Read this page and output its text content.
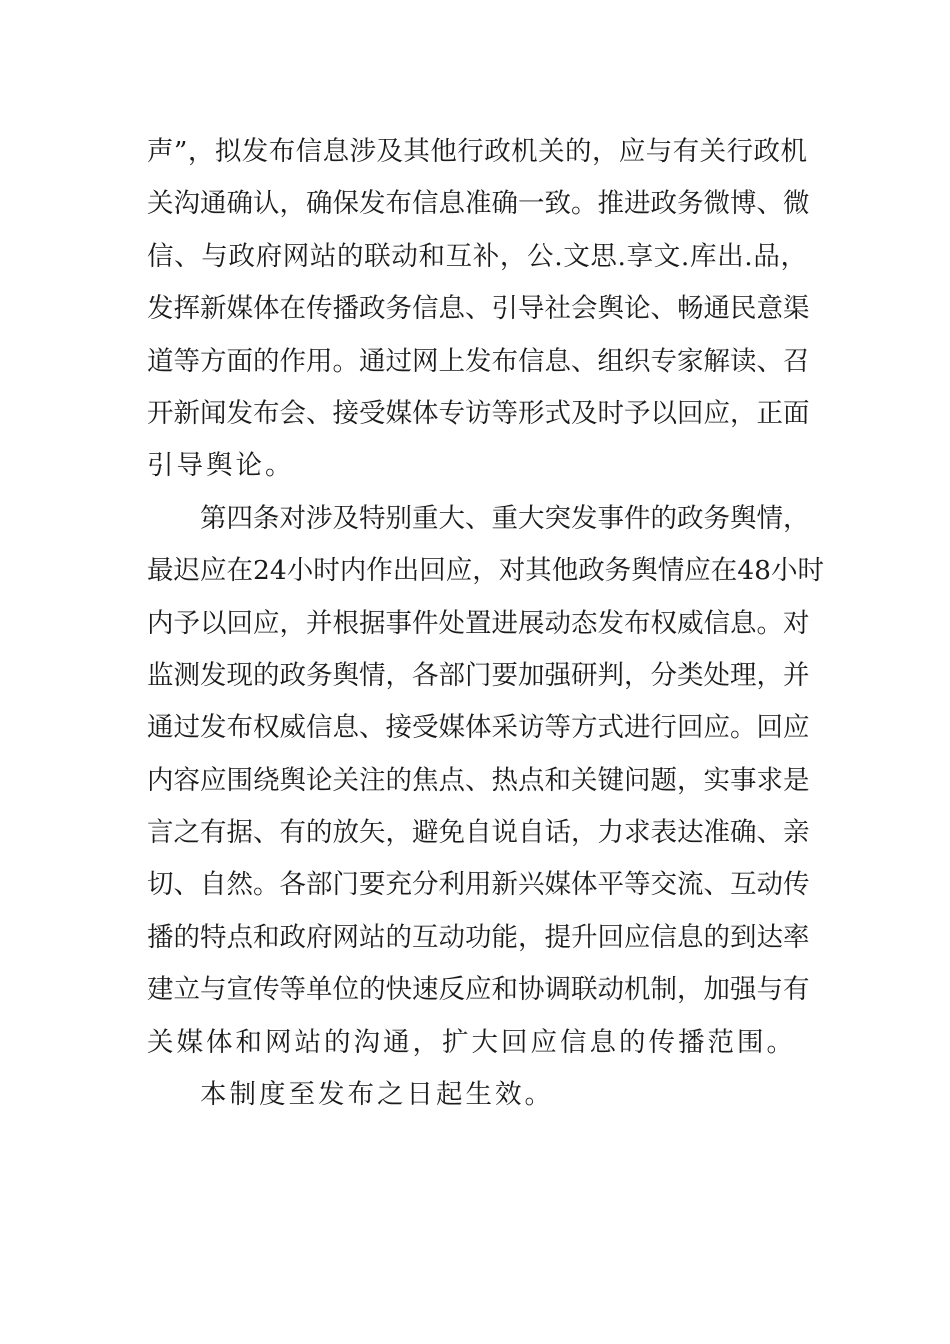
声”，拟发布信息涉及其他行政机关的，应与有关行政机
关沟通确认，确保发布信息准确一致。推进政务微博、微
信、与政府网站的联动和互补，公.文思.享文.库出.品，
发挥新媒体在传播政务信息、引导社会舆论、畅通民意渠
道等方面的作用。通过网上发布信息、组织专家解读、召
开新闻发布会、接受媒体专访等形式及时予以回应，正面
引导舆论。
第四条对涉及特别重大、重大突发事件的政务舆情，
最迟应在24小时内作出回应，对其他政务舆情应在48小时
内予以回应，并根据事件处置进展动态发布权威信息。对
监测发现的政务舆情，各部门要加强研判，分类处理，并
通过发布权威信息、接受媒体采访等方式进行回应。回应
内容应围绕舆论关注的焦点、热点和关键问题，实事求是
言之有据、有的放矢，避免自说自话，力求表达准确、亲
切、自然。各部门要充分利用新兴媒体平等交流、互动传
播的特点和政府网站的互动功能，提升回应信息的到达率
建立与宣传等单位的快速反应和协调联动机制，加强与有
关媒体和网站的沟通，扩大回应信息的传播范围。
本制度至发布之日起生效。
